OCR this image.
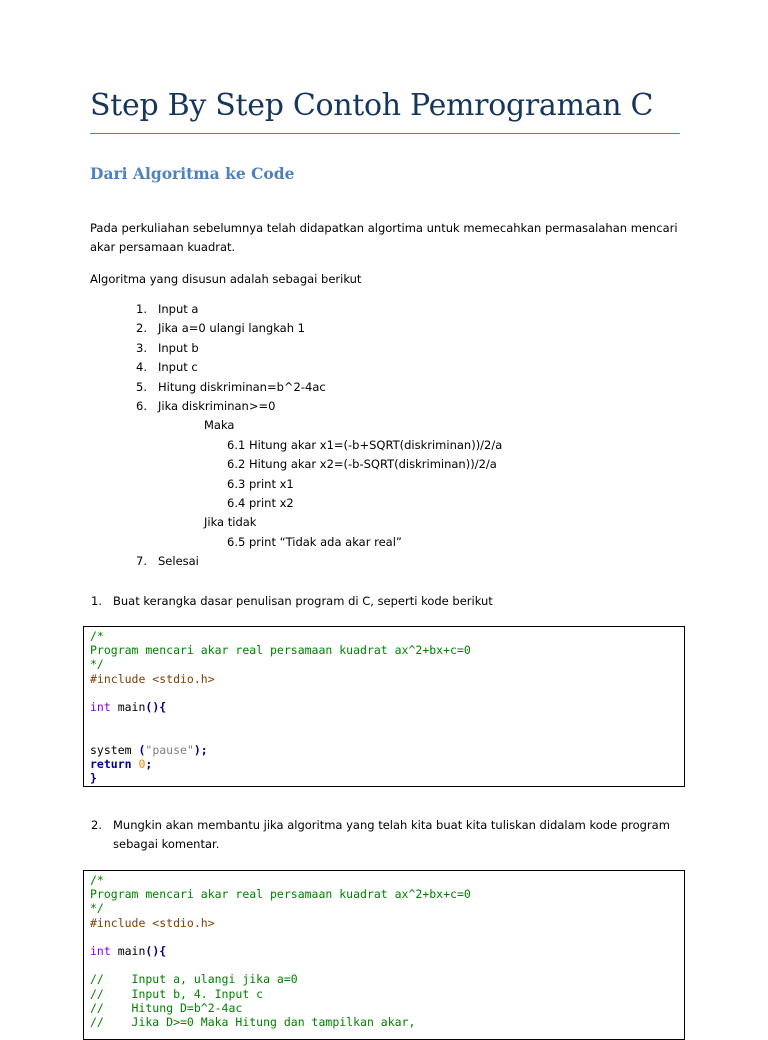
Step By Step Contoh Pemrograman C
Dari Algoritma ke Code
Pada perkuliahan sebelumnya telah didapatkan algortima untuk memecahkan permasalahan mencari akar persamaan kuadrat.
Algoritma yang disusun adalah sebagai berikut
1. Input a
2. Jika a=0 ulangi langkah 1
3. Input b
4. Input c
5. Hitung diskriminan=b^2-4ac
6. Jika diskriminan>=0
Maka
6.1 Hitung akar x1=(-b+SQRT(diskriminan))/2/a
6.2 Hitung akar x2=(-b-SQRT(diskriminan))/2/a
6.3 print x1
6.4 print x2
Jika tidak
6.5 print “Tidak ada akar real”
7. Selesai
1. Buat kerangka dasar penulisan program di C, seperti kode berikut
/*
Program mencari akar real persamaan kuadrat ax^2+bx+c=0
*/
#include <stdio.h>

int main(){

system ("pause");
return 0;
}
2. Mungkin akan membantu jika algoritma yang telah kita buat kita tuliskan didalam kode program
sebagai komentar.
/*
Program mencari akar real persamaan kuadrat ax^2+bx+c=0
*/
#include <stdio.h>

int main(){

//    Input a, ulangi jika a=0
//    Input b, 4. Input c
//    Hitung D=b^2-4ac
//    Jika D>=0 Maka Hitung dan tampilkan akar,
